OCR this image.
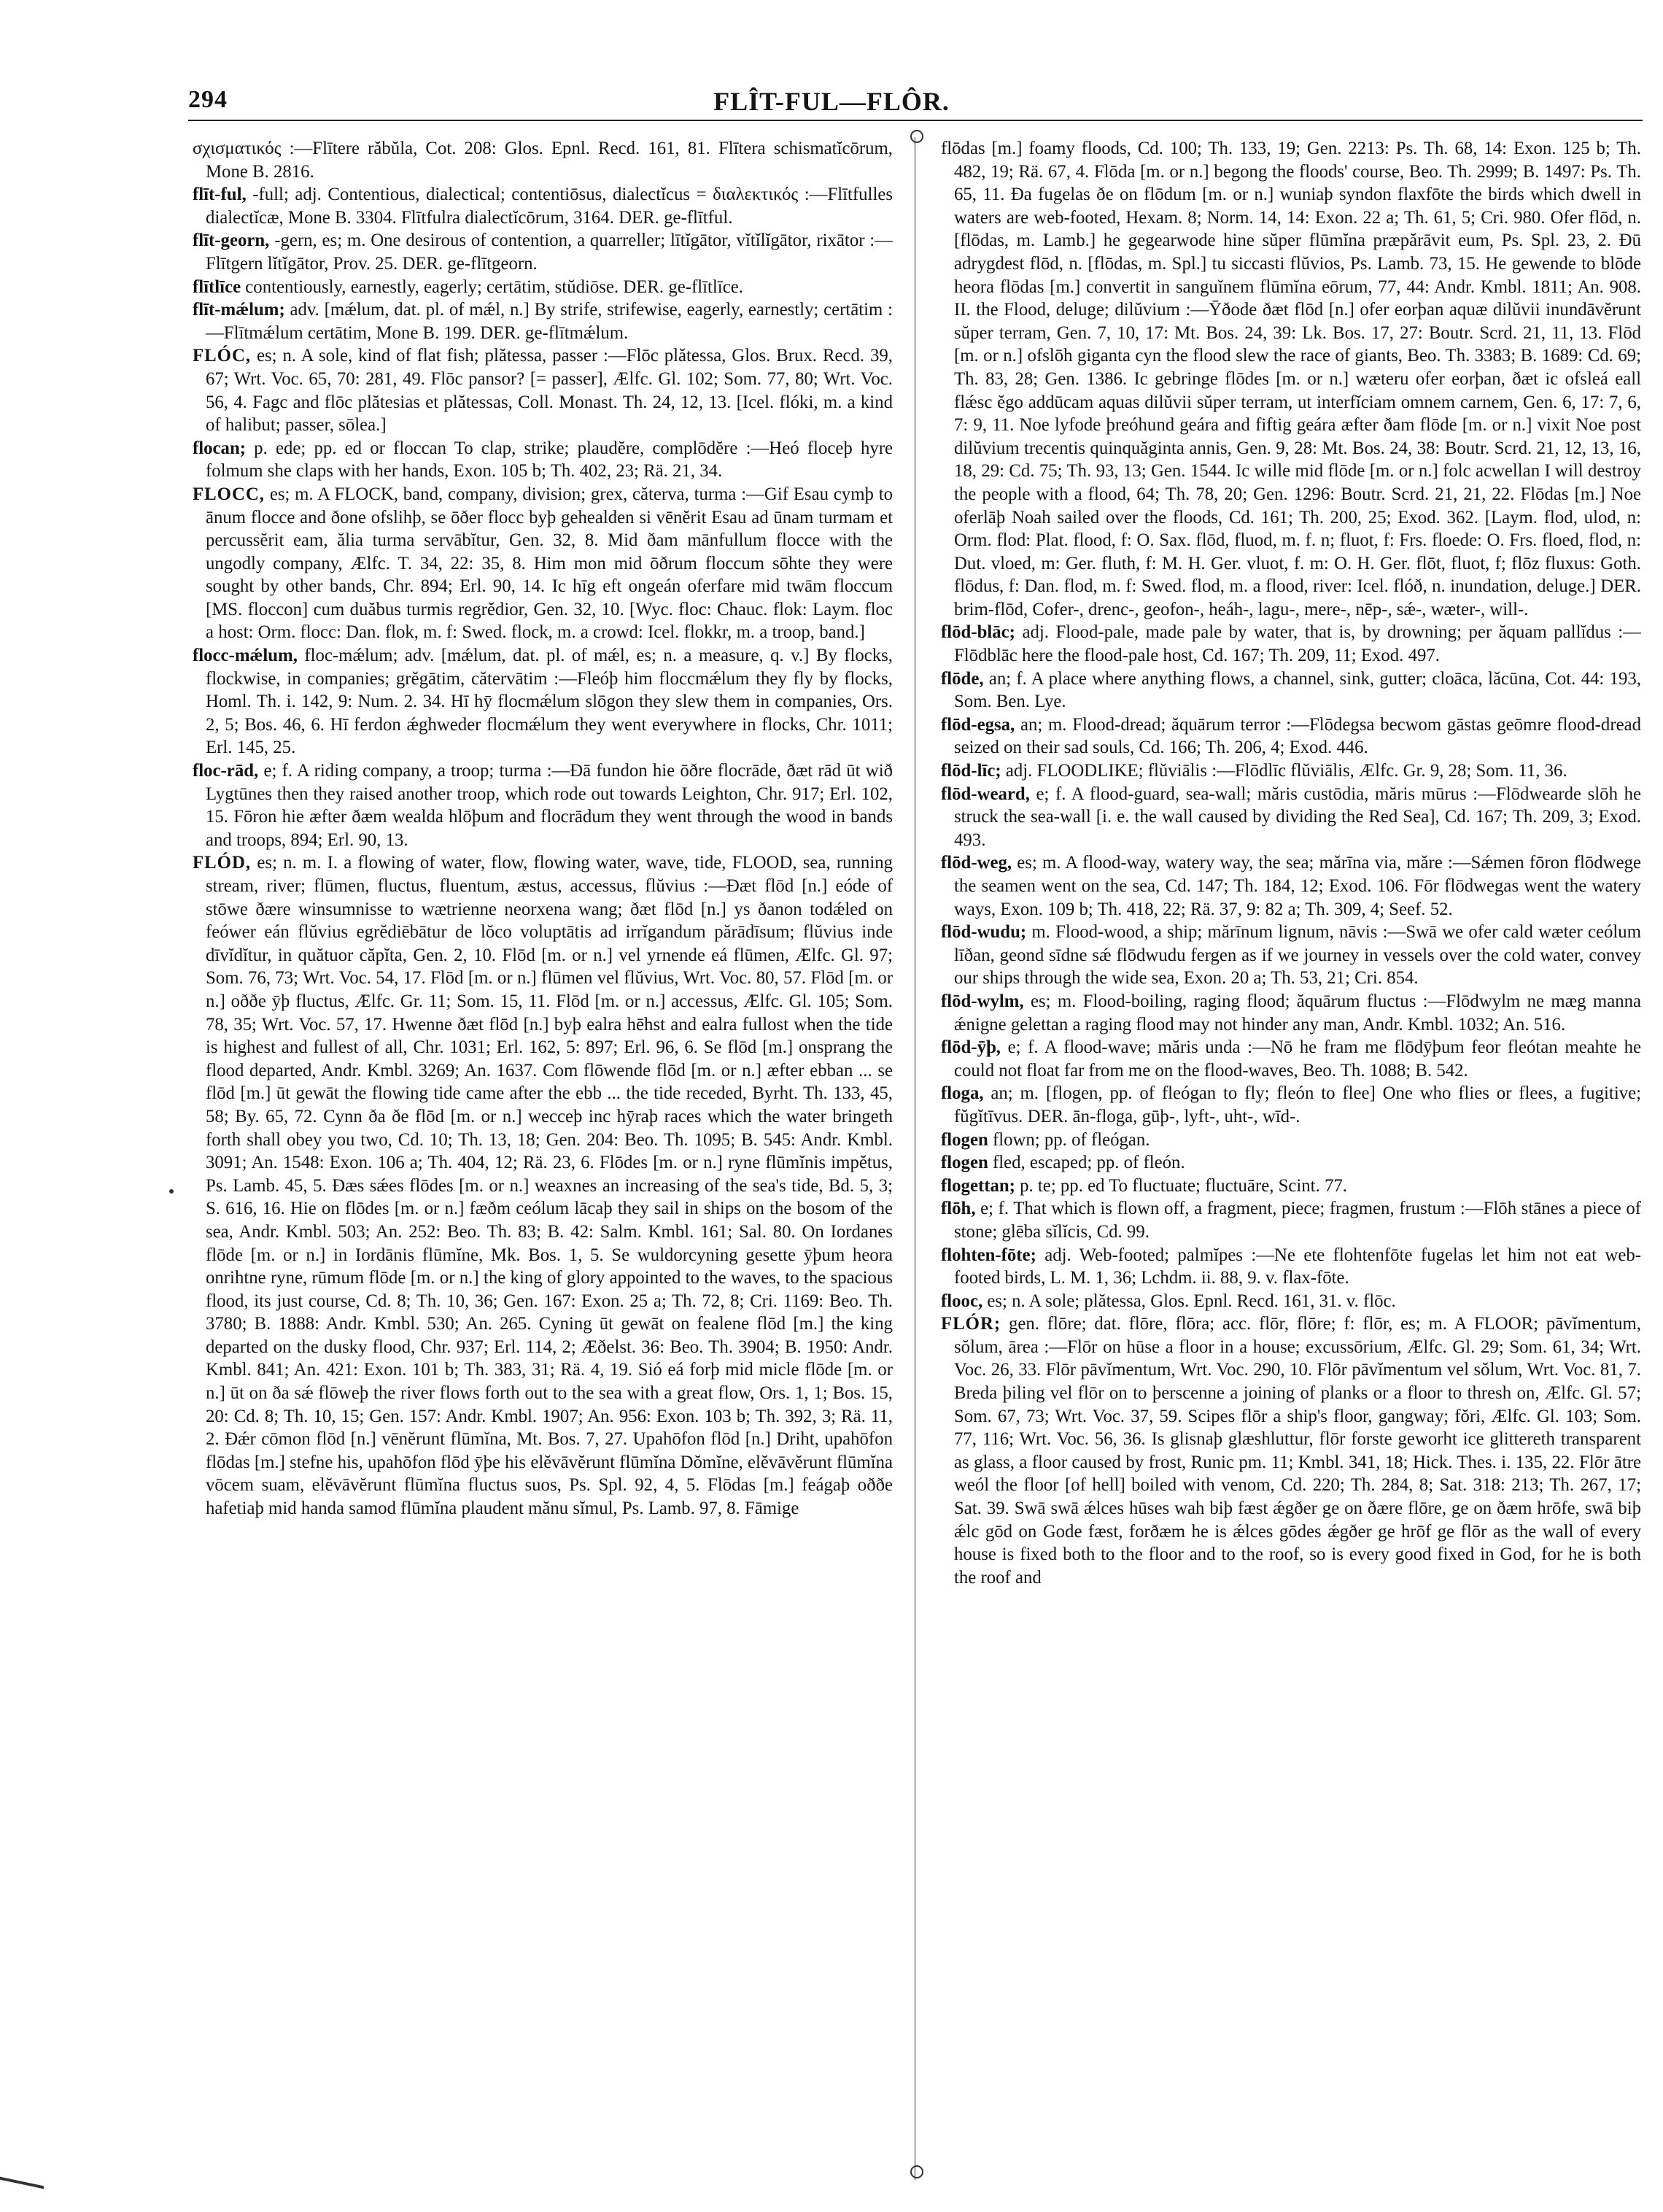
294	FLÎT-FUL—FLÔR.

σχισματικός :—Flītere răbŭla, Cot. 208: Glos. Epnl. Recd. 161, 81. Flītera schismatĭcōrum, Mone B. 2816.

flīt-ful, -full; adj. Contentious, dialectical; contentiōsus, dialectĭcus = διαλεκτικός :—Flītfulles dialectĭcæ, Mone B. 3304. Flītfulra dialectĭcōrum, 3164. DER. ge-flītful.

flīt-georn, -gern, es; m. One desirous of contention, a quarreller; lītĭgātor, vĭtĭlĭgātor, rixātor :—Flītgern lĭtĭgātor, Prov. 25. DER. ge-flītgeorn.

flītlīce contentiously, earnestly, eagerly; certātim, stŭdiōse. DER. ge-flītlīce.

flīt-mǽlum; adv. [mǽlum, dat. pl. of mǽl, n.] By strife, strifewise, eagerly, earnestly; certātim :—Flītmǽlum certātim, Mone B. 199. DER. ge-flītmǽlum.

FLÓC, es; n. A sole, kind of flat fish; plătessa, passer :—Flōc plătessa, Glos. Brux. Recd. 39, 67; Wrt. Voc. 65, 70: 281, 49. Flōc pansor? [= passer], Ælfc. Gl. 102; Som. 77, 80; Wrt. Voc. 56, 4. Fagc and flōc plătesias et plătessas, Coll. Monast. Th. 24, 12, 13. [Icel. flóki, m. a kind of halibut; passer, sōlea.]

flocan; p. ede; pp. ed or floccan To clap, strike; plaudĕre, complōdĕre :—Heó floceþ hyre folmum she claps with her hands, Exon. 105 b; Th. 402, 23; Rä. 21, 34.

FLOCC, es; m. A FLOCK, band, company, division; grex, căterva, turma :—Gif Esau cymþ to ānum flocce and ðone ofslihþ, se ōðer flocc byþ gehealden si vēnĕrit Esau ad ūnam turmam et percussĕrit eam, ălia turma servābĭtur, Gen. 32, 8. Mid ðam mānfullum flocce with the ungodly company, Ælfc. T. 34, 22: 35, 8. Him mon mid ōðrum floccum sōhte they were sought by other bands, Chr. 894; Erl. 90, 14. Ic hīg eft ongeán oferfare mid twām floccum [MS. floccon] cum duăbus turmis regrĕdior, Gen. 32, 10. [Wyc. floc: Chauc. flok: Laym. floc a host: Orm. flocc: Dan. flok, m. f: Swed. flock, m. a crowd: Icel. flokkr, m. a troop, band.]

flocc-mǽlum, floc-mǽlum; adv. [mǽlum, dat. pl. of mǽl, es; n. a measure, q. v.] By flocks, flockwise, in companies; grĕgātim, cătervātim :—Fleóþ him floccmǽlum they fly by flocks, Homl. Th. i. 142, 9: Num. 2. 34. Hī hȳ flocmǽlum slōgon they slew them in companies, Ors. 2, 5; Bos. 46, 6. Hī ferdon ǽghweder flocmǽlum they went everywhere in flocks, Chr. 1011; Erl. 145, 25.

floc-rād, e; f. A riding company, a troop; turma :—Ðā fundon hie ōðre flocrāde, ðæt rād ūt wið Lygtūnes then they raised another troop, which rode out towards Leighton, Chr. 917; Erl. 102, 15. Fōron hie æfter ðæm wealda hlōþum and flocrādum they went through the wood in bands and troops, 894; Erl. 90, 13.

FLÓD, es; n. m. I. a flowing of water, flow, flowing water, wave, tide, FLOOD, sea, running stream, river; flūmen, fluctus, fluentum, æstus, accessus, flŭvius :—Ðæt flōd [n.] eóde of stōwe ðære winsumnisse to wætrienne neorxena wang; ðæt flōd [n.] ys ðanon todǽled on feówer eán flŭvius egrĕdiēbātur de lŏco voluptātis ad irrĭgandum părādīsum; flŭvius inde dīvĭdĭtur, in quătuor căpĭta, Gen. 2, 10. Flōd [m. or n.] vel yrnende eá flūmen, Ælfc. Gl. 97; Som. 76, 73; Wrt. Voc. 54, 17. Flōd [m. or n.] flūmen vel flŭvius, Wrt. Voc. 80, 57. Flōd [m. or n.] oððe ȳþ fluctus, Ælfc. Gr. 11; Som. 15, 11. Flōd [m. or n.] accessus, Ælfc. Gl. 105; Som. 78, 35; Wrt. Voc. 57, 17. Hwenne ðæt flōd [n.] byþ ealra hēhst and ealra fullost when the tide is highest and fullest of all, Chr. 1031; Erl. 162, 5: 897; Erl. 96, 6. Se flōd [m.] onsprang the flood departed, Andr. Kmbl. 3269; An. 1637. Com flōwende flōd [m. or n.] æfter ebban ... se flōd [m.] ūt gewāt the flowing tide came after the ebb ... the tide receded, Byrht. Th. 133, 45, 58; By. 65, 72. Cynn ða ðe flōd [m. or n.] wecceþ inc hȳraþ races which the water bringeth forth shall obey you two, Cd. 10; Th. 13, 18; Gen. 204: Beo. Th. 1095; B. 545: Andr. Kmbl. 3091; An. 1548: Exon. 106 a; Th. 404, 12; Rä. 23, 6. Flōdes [m. or n.] ryne flūmĭnis impĕtus, Ps. Lamb. 45, 5. Ðæs sǽes flōdes [m. or n.] weaxnes an increasing of the sea's tide, Bd. 5, 3; S. 616, 16. Hie on flōdes [m. or n.] fæðm ceólum lācaþ they sail in ships on the bosom of the sea, Andr. Kmbl. 503; An. 252: Beo. Th. 83; B. 42: Salm. Kmbl. 161; Sal. 80. On Iordanes flōde [m. or n.] in Iordānis flūmĭne, Mk. Bos. 1, 5. Se wuldorcyning gesette ȳþum heora onrihtne ryne, rūmum flōde [m. or n.] the king of glory appointed to the waves, to the spacious flood, its just course, Cd. 8; Th. 10, 36; Gen. 167: Exon. 25 a; Th. 72, 8; Cri. 1169: Beo. Th. 3780; B. 1888: Andr. Kmbl. 530; An. 265. Cyning ūt gewāt on fealene flōd [m.] the king departed on the dusky flood, Chr. 937; Erl. 114, 2; Æðelst. 36: Beo. Th. 3904; B. 1950: Andr. Kmbl. 841; An. 421: Exon. 101 b; Th. 383, 31; Rä. 4, 19. Sió eá forþ mid micle flōde [m. or n.] ūt on ða sǽ flōweþ the river flows forth out to the sea with a great flow, Ors. 1, 1; Bos. 15, 20: Cd. 8; Th. 10, 15; Gen. 157: Andr. Kmbl. 1907; An. 956: Exon. 103 b; Th. 392, 3; Rä. 11, 2. Ðǽr cōmon flōd [n.] vēnĕrunt flūmĭna, Mt. Bos. 7, 27. Upahōfon flōd [n.] Driht, upahōfon flōdas [m.] stefne his, upahōfon flōd ȳþe his elĕvāvĕrunt flūmĭna Dŏmĭne, elĕvāvĕrunt flūmĭna vōcem suam, elĕvāvĕrunt flūmĭna fluctus suos, Ps. Spl. 92, 4, 5. Flōdas [m.] feágaþ oððe hafetiaþ mid handa samod flūmĭna plaudent mănu sĭmul, Ps. Lamb. 97, 8. Fāmige

flōdas [m.] foamy floods, Cd. 100; Th. 133, 19; Gen. 2213: Ps. Th. 68, 14: Exon. 125 b; Th. 482, 19; Rä. 67, 4. Flōda [m. or n.] begong the floods' course, Beo. Th. 2999; B. 1497: Ps. Th. 65, 11. Ða fugelas ðe on flōdum [m. or n.] wuniaþ syndon flaxfōte the birds which dwell in waters are web-footed, Hexam. 8; Norm. 14, 14: Exon. 22 a; Th. 61, 5; Cri. 980. Ofer flōd, n. [flōdas, m. Lamb.] he gegearwode hine sŭper flūmĭna præpărāvit eum, Ps. Spl. 23, 2. Ðū adrygdest flōd, n. [flōdas, m. Spl.] tu siccasti flŭvios, Ps. Lamb. 73, 15. He gewende to blōde heora flōdas [m.] convertit in sanguĭnem flūmĭna eōrum, 77, 44: Andr. Kmbl. 1811; An. 908. II. the Flood, deluge; dilŭvium :—Ȳðode ðæt flōd [n.] ofer eorþan aquæ dilŭvii inundāvĕrunt sŭper terram, Gen. 7, 10, 17: Mt. Bos. 24, 39: Lk. Bos. 17, 27: Boutr. Scrd. 21, 11, 13. Flōd [m. or n.] ofslōh giganta cyn the flood slew the race of giants, Beo. Th. 3383; B. 1689: Cd. 69; Th. 83, 28; Gen. 1386. Ic gebringe flōdes [m. or n.] wæteru ofer eorþan, ðæt ic ofsleá eall flǽsc ĕgo addūcam aquas dilŭvii sŭper terram, ut interfĭciam omnem carnem, Gen. 6, 17: 7, 6, 7: 9, 11. Noe lyfode þreóhund geára and fiftig geára æfter ðam flōde [m. or n.] vixit Noe post dilŭvium trecentis quinquăginta annis, Gen. 9, 28: Mt. Bos. 24, 38: Boutr. Scrd. 21, 12, 13, 16, 18, 29: Cd. 75; Th. 93, 13; Gen. 1544. Ic wille mid flōde [m. or n.] folc acwellan I will destroy the people with a flood, 64; Th. 78, 20; Gen. 1296: Boutr. Scrd. 21, 21, 22. Flōdas [m.] Noe oferlāþ Noah sailed over the floods, Cd. 161; Th. 200, 25; Exod. 362. [Laym. flod, ulod, n: Orm. flod: Plat. flood, f: O. Sax. flōd, fluod, m. f. n; fluot, f: Frs. floede: O. Frs. floed, flod, n: Dut. vloed, m: Ger. fluth, f: M. H. Ger. vluot, f. m: O. H. Ger. flōt, fluot, f; flōz fluxus: Goth. flōdus, f: Dan. flod, m. f: Swed. flod, m. a flood, river: Icel. flóð, n. inundation, deluge.] DER. brim-flōd, Cofer-, drenc-, geofon-, heáh-, lagu-, mere-, nēp-, sǽ-, wæter-, will-.

flōd-blāc; adj. Flood-pale, made pale by water, that is, by drowning; per ăquam pallĭdus :—Flōdblāc here the flood-pale host, Cd. 167; Th. 209, 11; Exod. 497.

flōde, an; f. A place where anything flows, a channel, sink, gutter; cloāca, lăcūna, Cot. 44: 193, Som. Ben. Lye.

flōd-egsa, an; m. Flood-dread; ăquārum terror :—Flōdegsa becwom gāstas geōmre flood-dread seized on their sad souls, Cd. 166; Th. 206, 4; Exod. 446.

flōd-līc; adj. FLOODLIKE; flŭviālis :—Flōdlīc flŭviālis, Ælfc. Gr. 9, 28; Som. 11, 36.

flōd-weard, e; f. A flood-guard, sea-wall; măris custōdia, măris mūrus :—Flōdwearde slōh he struck the sea-wall [i. e. the wall caused by dividing the Red Sea], Cd. 167; Th. 209, 3; Exod. 493.

flōd-weg, es; m. A flood-way, watery way, the sea; mărīna via, măre :—Sǽmen fōron flōdwege the seamen went on the sea, Cd. 147; Th. 184, 12; Exod. 106. Fōr flōdwegas went the watery ways, Exon. 109 b; Th. 418, 22; Rä. 37, 9: 82 a; Th. 309, 4; Seef. 52.

flōd-wudu; m. Flood-wood, a ship; mărīnum lignum, nāvis :—Swā we ofer cald wæter ceólum līðan, geond sīdne sǽ flōdwudu fergen as if we journey in vessels over the cold water, convey our ships through the wide sea, Exon. 20 a; Th. 53, 21; Cri. 854.

flōd-wylm, es; m. Flood-boiling, raging flood; ăquārum fluctus :—Flōdwylm ne mæg manna ǽnigne gelettan a raging flood may not hinder any man, Andr. Kmbl. 1032; An. 516.

flōd-ȳþ, e; f. A flood-wave; măris unda :—Nō he fram me flōdȳþum feor fleótan meahte he could not float far from me on the flood-waves, Beo. Th. 1088; B. 542.

floga, an; m. [flogen, pp. of fleógan to fly; fleón to flee] One who flies or flees, a fugitive; fŭgĭtīvus. DER. ān-floga, gūþ-, lyft-, uht-, wīd-.

flogen flown; pp. of fleógan.

flogen fled, escaped; pp. of fleón.

flogettan; p. te; pp. ed To fluctuate; fluctuāre, Scint. 77.

flōh, e; f. That which is flown off, a fragment, piece; fragmen, frustum :—Flōh stānes a piece of stone; glēba sĭlĭcis, Cd. 99.

flohten-fōte; adj. Web-footed; palmĭpes :—Ne ete flohtenfōte fugelas let him not eat web-footed birds, L. M. 1, 36; Lchdm. ii. 88, 9. v. flax-fōte.

flooc, es; n. A sole; plătessa, Glos. Epnl. Recd. 161, 31. v. flōc.

FLÓR; gen. flōre; dat. flōre, flōra; acc. flōr, flōre; f: flōr, es; m. A FLOOR; pāvĭmentum, sŏlum, ārea :—Flōr on hūse a floor in a house; excussōrium, Ælfc. Gl. 29; Som. 61, 34; Wrt. Voc. 26, 33. Flōr pāvĭmentum, Wrt. Voc. 290, 10. Flōr pāvĭmentum vel sŏlum, Wrt. Voc. 81, 7. Breda þiling vel flōr on to þerscenne a joining of planks or a floor to thresh on, Ælfc. Gl. 57; Som. 67, 73; Wrt. Voc. 37, 59. Scipes flōr a ship's floor, gangway; fŏri, Ælfc. Gl. 103; Som. 77, 116; Wrt. Voc. 56, 36. Is glisnaþ glæshluttur, flōr forste geworht ice glittereth transparent as glass, a floor caused by frost, Runic pm. 11; Kmbl. 341, 18; Hick. Thes. i. 135, 22. Flōr ātre weól the floor [of hell] boiled with venom, Cd. 220; Th. 284, 8; Sat. 318: 213; Th. 267, 17; Sat. 39. Swā swā ǽlces hūses wah biþ fæst ǽgðer ge on ðære flōre, ge on ðæm hrōfe, swā biþ ǽlc gōd on Gode fæst, forðæm he is ǽlces gōdes ǽgðer ge hrōf ge flōr as the wall of every house is fixed both to the floor and to the roof, so is every good fixed in God, for he is both the roof and
